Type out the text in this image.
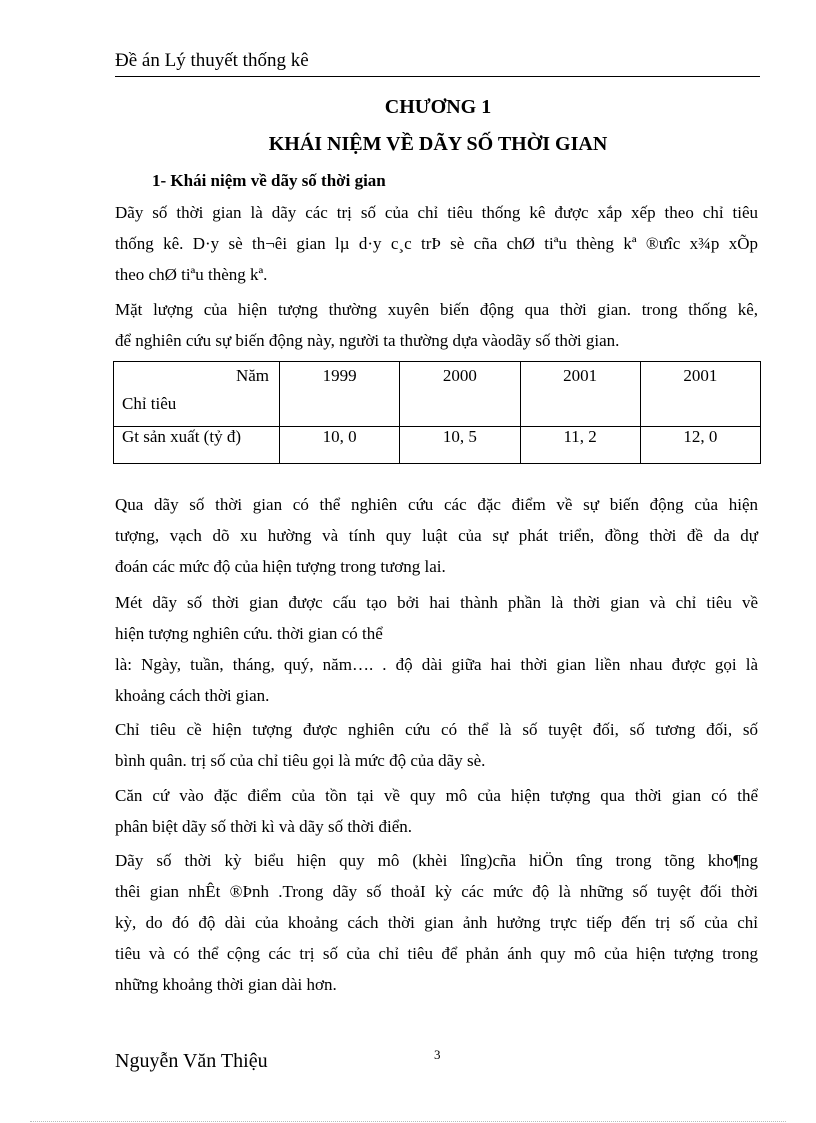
Đề án Lý thuyết thống kê
CHƯƠNG 1
KHÁI NIỆM VỀ DÃY SỐ THỜI GIAN
1- Khái niệm về dãy số thời gian
Dãy số thời gian là dãy các trị số của chỉ tiêu thống kê được xắp xếp theo chỉ tiêu
thống kê. D·y sè th¬êi gian lµ d·y c¸c trÞ sè cña chØ tiªu thèng kª ®ưîc x¾p xÕp
theo chØ tiªu thèng kª.
Mặt lượng của hiện tượng thường xuyên biến động qua thời gian. trong thống kê,
để nghiên cứu sự biến động này, người ta thường dựa vàodãy số thời gian.
Năm
Chỉ tiêu	1999	2000	2001	2001
Gt sản xuất (tỷ đ)	10, 0	10, 5	11, 2	12, 0
Qua dãy số thời gian có thể nghiên cứu các đặc điểm về sự biến động của hiện
tượng, vạch dõ xu hường và tính quy luật của sự phát triển, đồng thời đề da dự
đoán các mức độ của hiện tượng trong tương lai.
Mét dãy số thời gian được cấu tạo bởi hai thành phần là thời gian và chỉ tiêu về
hiện tượng nghiên cứu. thời gian có thể
là: Ngày, tuần, tháng, quý, năm…. . độ dài giữa hai thời gian liền nhau được gọi là
khoảng cách thời gian.
Chỉ tiêu cề hiện tượng được nghiên cứu có thể là số tuyệt đối, số tương đối, số
bình quân. trị số của chỉ tiêu gọi là mức độ của dãy sè.
Căn cứ vào đặc điểm của tồn tại về quy mô của hiện tượng qua thời gian có thể
phân biệt dãy số thời kì và dãy số thời điển.
Dãy số thời kỳ biểu hiện quy mô (khèi lîng)cña hiÖn tîng trong tõng kho¶ng
thêi gian nhÊt ®Þnh .Trong dãy số thoảI kỳ các mức độ là những số tuyệt đối thời
kỳ, do đó độ dài của khoảng cách thời gian ảnh hưởng trực tiếp đến trị số của chỉ
tiêu và có thể cộng các trị số của chỉ tiêu để phản ánh quy mô của hiện tượng trong
những khoảng thời gian dài hơn.
Nguyễn Văn Thiệu	3
